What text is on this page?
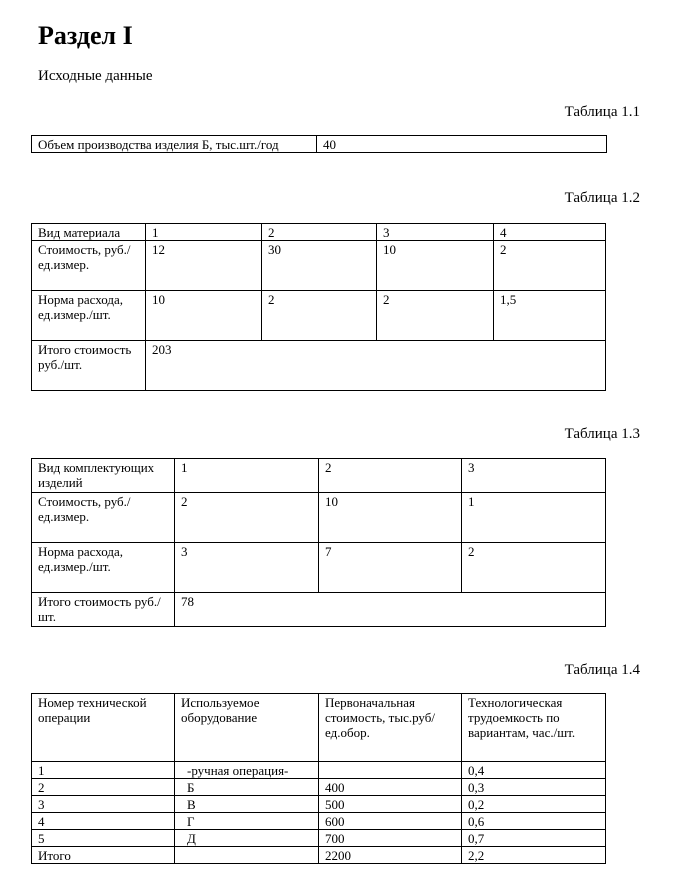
Раздел I
Исходные данные
Таблица 1.1
Объем производства изделия Б, тыс.шт./год	40
Таблица 1.2
Вид материала	1	2	3	4
Стоимость, руб./ед.измер.	12	30	10	2
Норма расхода, ед.измер./шт.	10	2	2	1,5
Итого стоимость руб./шт.	203			
Таблица 1.3
Вид комплектующих изделий	1	2	3
Стоимость, руб./ед.измер.	2	10	1
Норма расхода, ед.измер./шт.	3	7	2
Итого стоимость руб./шт.	78		
Таблица 1.4
Номер технической операции	Используемое оборудование	Первоначальная стоимость, тыс.руб/ед.обор.	Технологическая трудоемкость по вариантам, час./шт.
1	-ручная операция-		0,4
2	Б	400	0,3
3	В	500	0,2
4	Г	600	0,6
5	Д	700	0,7
Итого		2200	2,2
